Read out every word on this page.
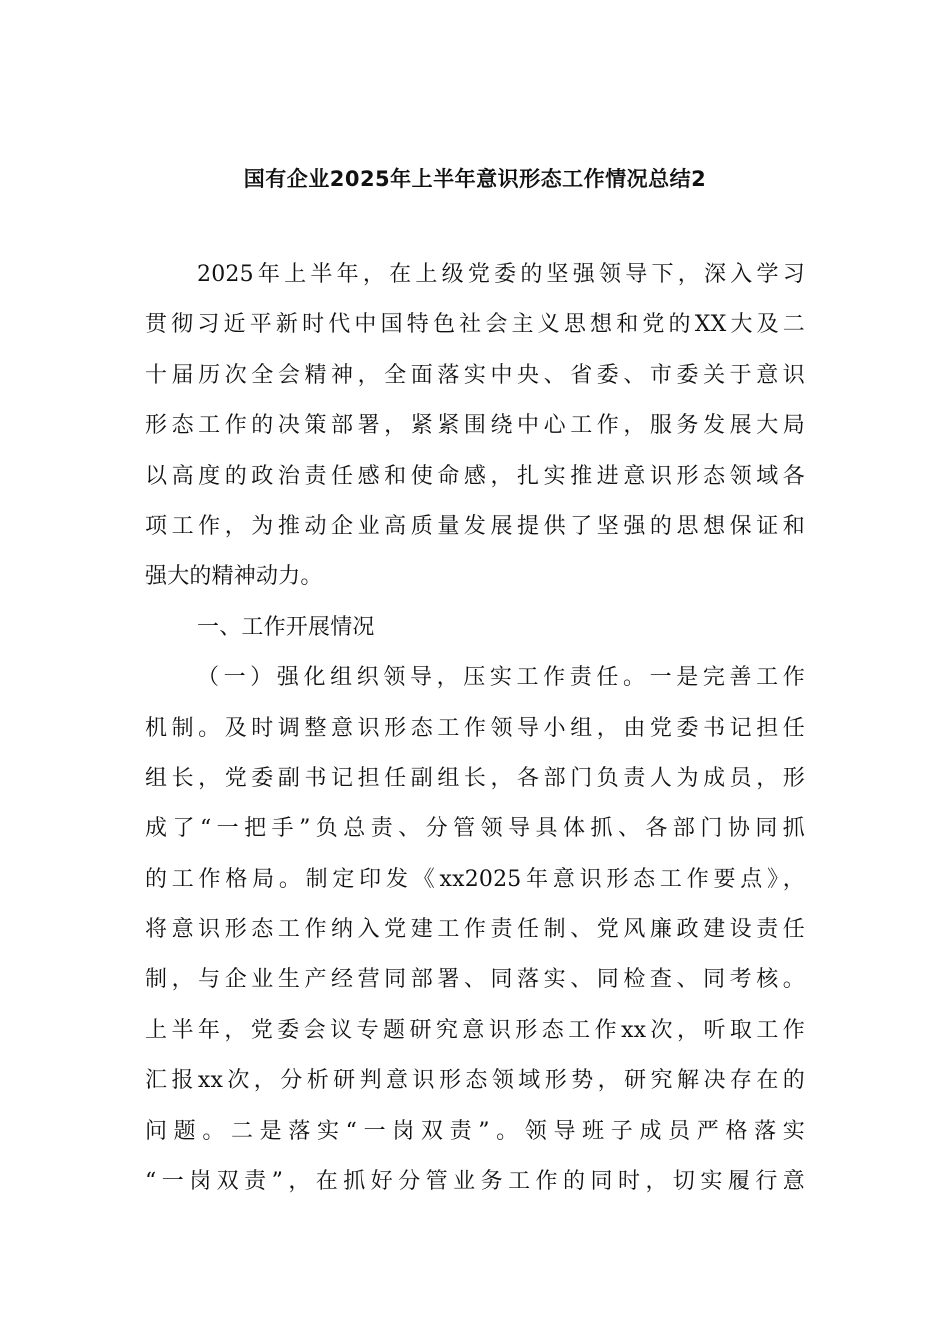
国有企业2025年上半年意识形态工作情况总结2
2025年上半年，在上级党委的坚强领导下，深入学习
贯彻习近平新时代中国特色社会主义思想和党的XX大及二
十届历次全会精神，全面落实中央、省委、市委关于意识
形态工作的决策部署，紧紧围绕中心工作，服务发展大局
以高度的政治责任感和使命感，扎实推进意识形态领域各
项工作，为推动企业高质量发展提供了坚强的思想保证和
强大的精神动力。
一、工作开展情况
（一）强化组织领导，压实工作责任。一是完善工作
机制。及时调整意识形态工作领导小组，由党委书记担任
组长，党委副书记担任副组长，各部门负责人为成员，形
成了“一把手”负总责、分管领导具体抓、各部门协同抓
的工作格局。制定印发《xx2025年意识形态工作要点》，
将意识形态工作纳入党建工作责任制、党风廉政建设责任
制，与企业生产经营同部署、同落实、同检查、同考核。
上半年，党委会议专题研究意识形态工作xx次，听取工作
汇报xx次，分析研判意识形态领域形势，研究解决存在的
问题。二是落实“一岗双责”。领导班子成员严格落实
“一岗双责”，在抓好分管业务工作的同时，切实履行意
